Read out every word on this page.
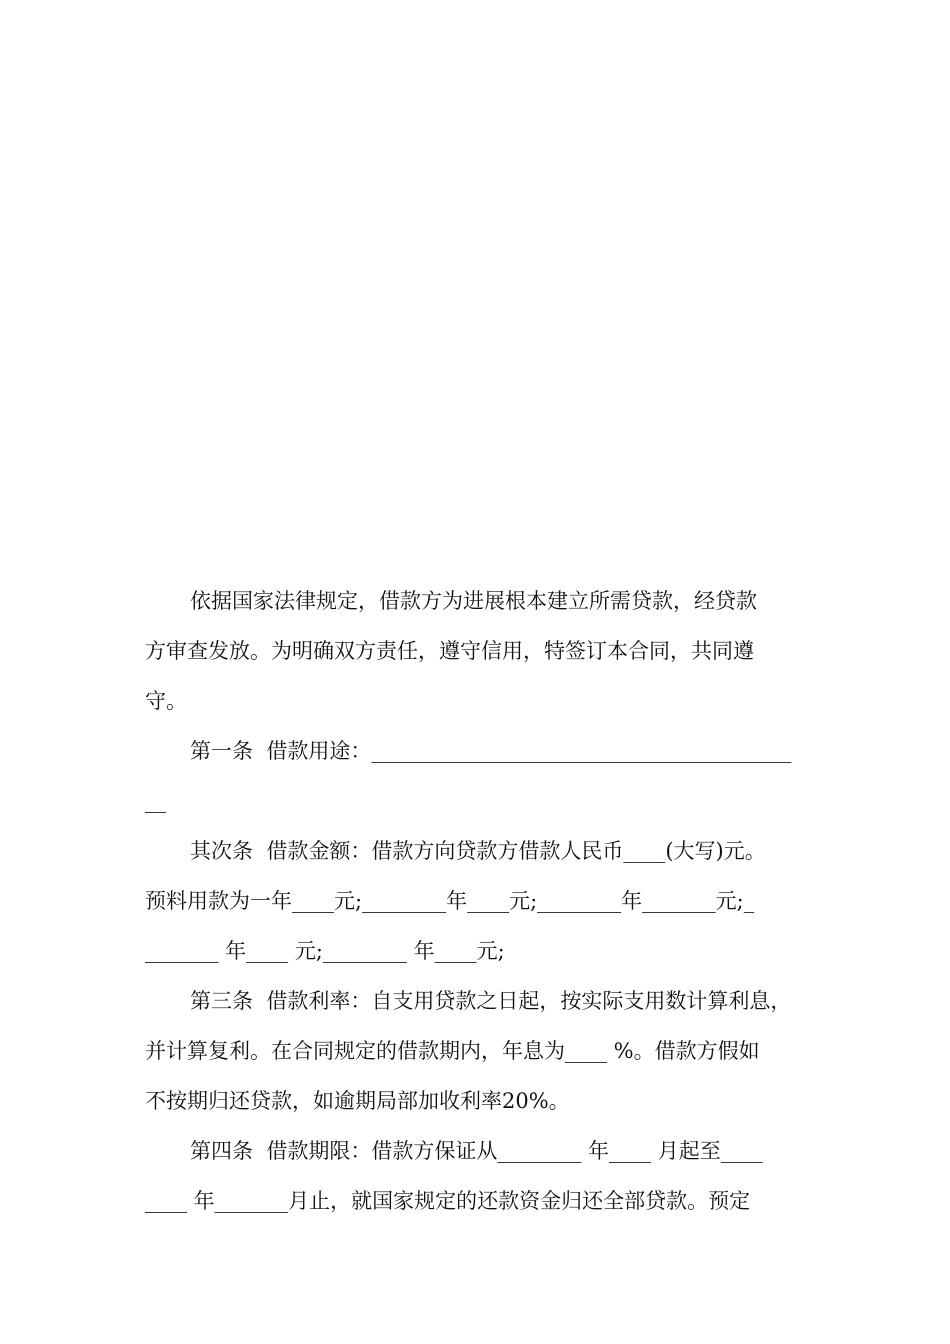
依据国家法律规定，借款方为进展根本建立所需贷款，经贷款
方审查发放。为明确双方责任，遵守信用，特签订本合同，共同遵
守。
第一条  借款用途：________________________________________
__
其次条  借款金额：借款方向贷款方借款人民币____(大写)元。
预料用款为一年____元;________年____元;________年_______元;_
_______ 年____ 元;________ 年____元;
第三条  借款利率：自支用贷款之日起，按实际支用数计算利息，
并计算复利。在合同规定的借款期内，年息为____ %。借款方假如
不按期归还贷款，如逾期局部加收利率20%。
第四条  借款期限：借款方保证从________ 年____ 月起至____
____ 年_______月止，就国家规定的还款资金归还全部贷款。预定
